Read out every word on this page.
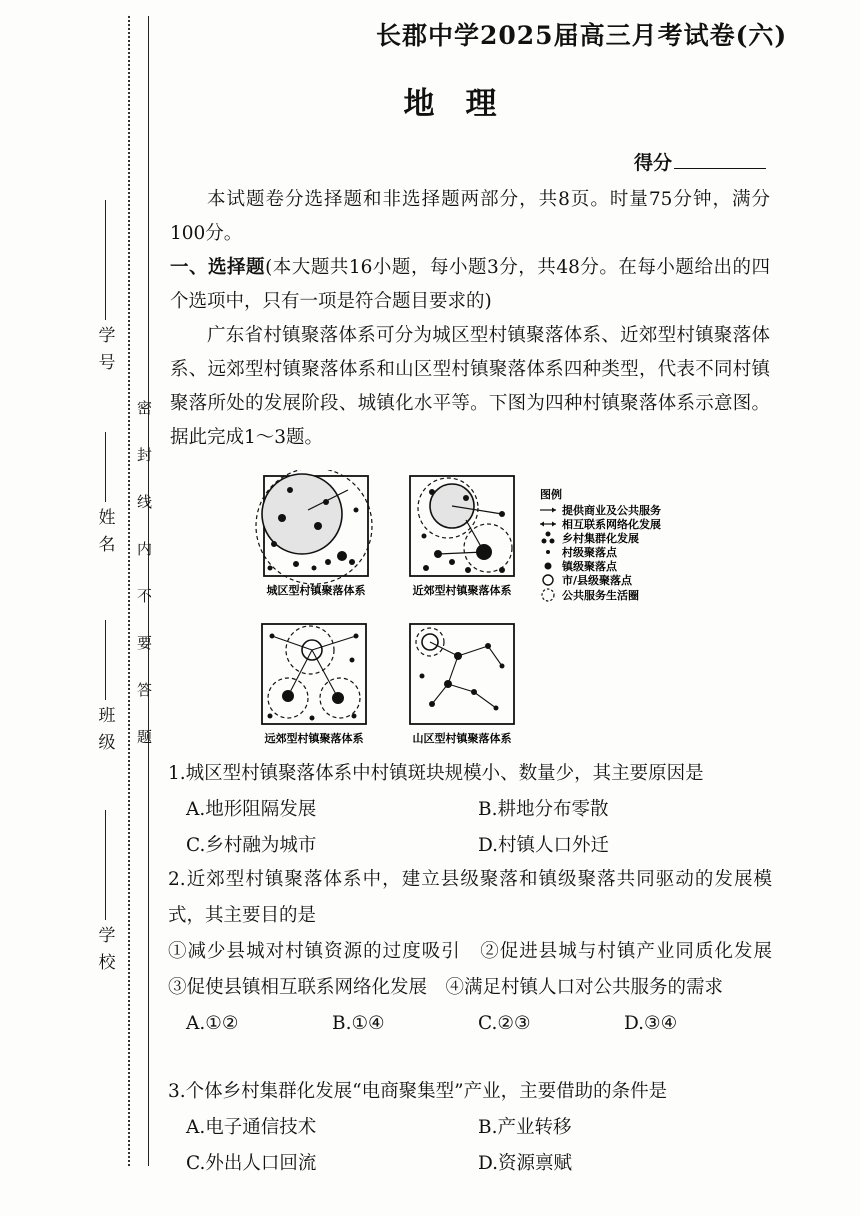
学号
姓名
班级
学校
密封线内不要答题
长郡中学2025届高三月考试卷(六)
地　理
得分
本试题卷分选择题和非选择题两部分，共8页。时量75分钟，满分100分。
一、选择题(本大题共16小题，每小题3分，共48分。在每小题给出的四个选项中，只有一项是符合题目要求的)
广东省村镇聚落体系可分为城区型村镇聚落体系、近郊型村镇聚落体系、远郊型村镇聚落体系和山区型村镇聚落体系四种类型，代表不同村镇聚落所处的发展阶段、城镇化水平等。下图为四种村镇聚落体系示意图。据此完成1～3题。
城区型村镇聚落体系	近郊型村镇聚落体系
远郊型村镇聚落体系	山区型村镇聚落体系
图例
提供商业及公共服务
相互联系网络化发展
乡村集群化发展
村级聚落点
镇级聚落点
市/县级聚落点
公共服务生活圈
1.城区型村镇聚落体系中村镇斑块规模小、数量少，其主要原因是
A.地形阻隔发展	B.耕地分布零散
C.乡村融为城市	D.村镇人口外迁
2.近郊型村镇聚落体系中，建立县级聚落和镇级聚落共同驱动的发展模式，其主要目的是
①减少县城对村镇资源的过度吸引　②促进县城与村镇产业同质化发展　③促使县镇相互联系网络化发展　④满足村镇人口对公共服务的需求
A.①②	B.①④	C.②③	D.③④
3.个体乡村集群化发展“电商聚集型”产业，主要借助的条件是
A.电子通信技术	B.产业转移
C.外出人口回流	D.资源禀赋
